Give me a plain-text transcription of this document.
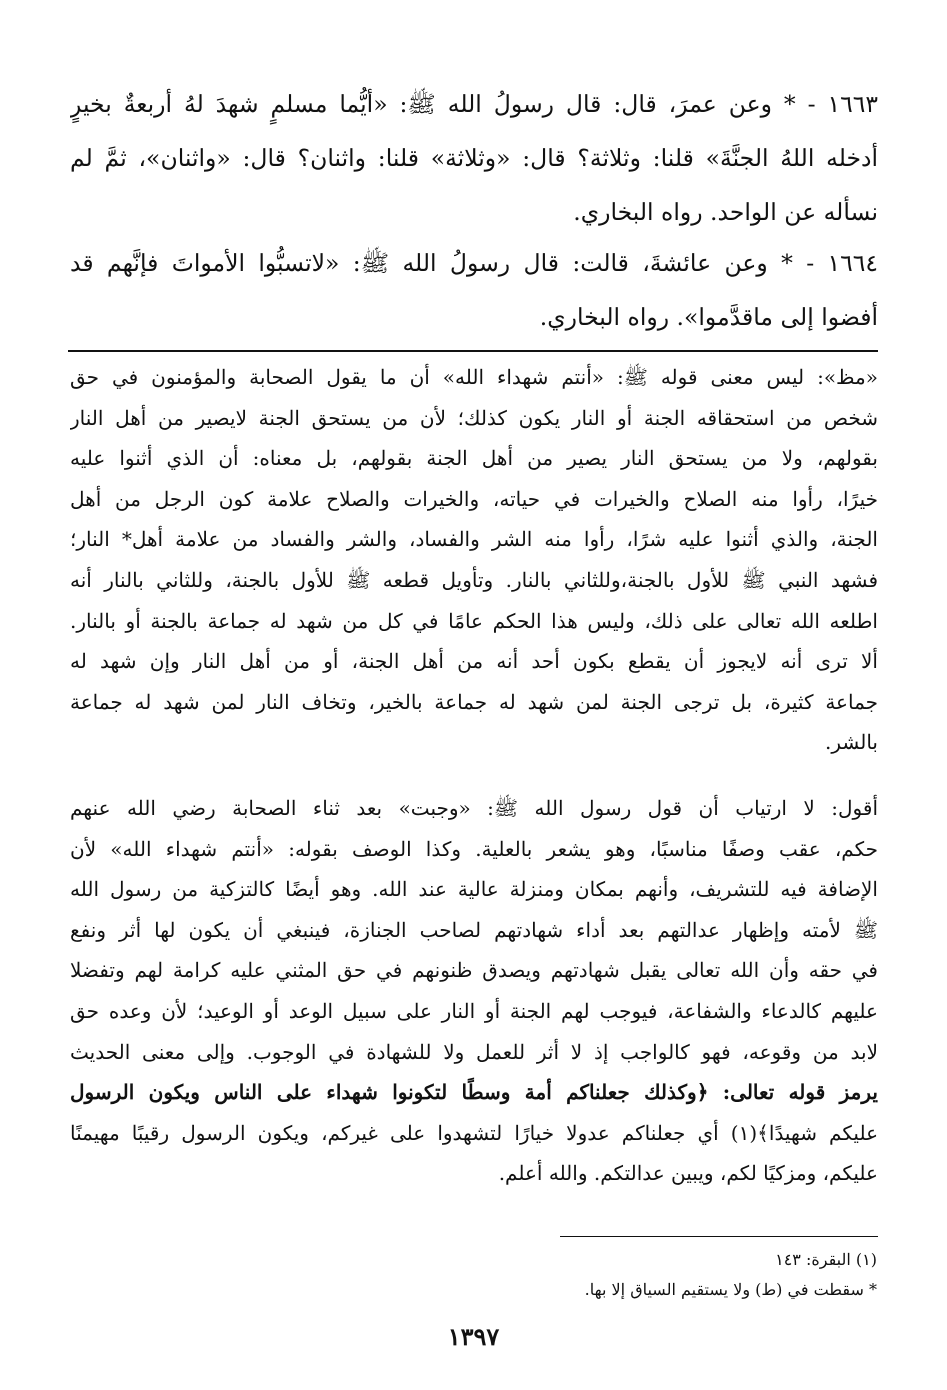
١٦٦٣ - * وعن عمرَ، قال: قال رسولُ الله ﷺ: «أيُّما مسلمٍ شهدَ لهُ أربعةٌ بخيرٍ
أدخله اللهُ الجنَّةَ» قلنا: وثلاثة؟ قال: «وثلاثة» قلنا: واثنان؟ قال: «واثنان»، ثمَّ لم
نسأله عن الواحد. رواه البخاري.
١٦٦٤ - * وعن عائشةَ، قالت: قال رسولُ الله ﷺ: «لاتسبُّوا الأمواتَ فإنَّهم قد
أفضوا إلى ماقدَّموا». رواه البخاري.
«مظ»: ليس معنى قوله ﷺ: «أنتم شهداء الله» أن ما يقول الصحابة والمؤمنون في حق
شخص من استحقاقه الجنة أو النار يكون كذلك؛ لأن من يستحق الجنة لايصير من أهل النار
بقولهم، ولا من يستحق النار يصير من أهل الجنة بقولهم، بل معناه: أن الذي أثنوا عليه
خيرًا، رأوا منه الصلاح والخيرات في حياته، والخيرات والصلاح علامة كون الرجل من أهل
الجنة، والذي أثنوا عليه شرًا، رأوا منه الشر والفساد، والشر والفساد من علامة أهل* النار؛
فشهد النبي ﷺ للأول بالجنة،وللثاني بالنار. وتأويل قطعه ﷺ للأول بالجنة، وللثاني بالنار أنه
اطلعه الله تعالى على ذلك، وليس هذا الحكم عامًا في كل من شهد له جماعة بالجنة أو بالنار.
ألا ترى أنه لايجوز أن يقطع بكون أحد أنه من أهل الجنة، أو من أهل النار وإن شهد له
جماعة كثيرة، بل ترجى الجنة لمن شهد له جماعة بالخير، وتخاف النار لمن شهد له جماعة
بالشر.
أقول: لا ارتياب أن قول رسول الله ﷺ: «وجبت» بعد ثناء الصحابة رضي الله عنهم
حكم، عقب وصفًا مناسبًا، وهو يشعر بالعلية. وكذا الوصف بقوله: «أنتم شهداء الله» لأن
الإضافة فيه للتشريف، وأنهم بمكان ومنزلة عالية عند الله. وهو أيضًا كالتزكية من رسول الله
ﷺ لأمته وإظهار عدالتهم بعد أداء شهادتهم لصاحب الجنازة، فينبغي أن يكون لها أثر ونفع
في حقه وأن الله تعالى يقبل شهادتهم ويصدق ظنونهم في حق المثني عليه كرامة لهم وتفضلا
عليهم كالدعاء والشفاعة، فيوجب لهم الجنة أو النار على سبيل الوعد أو الوعيد؛ لأن وعده حق
لابد من وقوعه، فهو كالواجب إذ لا أثر للعمل ولا للشهادة في الوجوب. وإلى معنى الحديث
يرمز قوله تعالى: ﴿وكذلك جعلناكم أمة وسطًا لتكونوا شهداء على الناس ويكون الرسول
عليكم شهيدًا﴾(١) أي جعلناكم عدولا خيارًا لتشهدوا على غيركم، ويكون الرسول رقيبًا مهيمنًا
عليكم، ومزكيًا لكم، ويبين عدالتكم. والله أعلم.
(١) البقرة: ١٤٣
* سقطت في (ط) ولا يستقيم السياق إلا بها.
١٣٩٧
